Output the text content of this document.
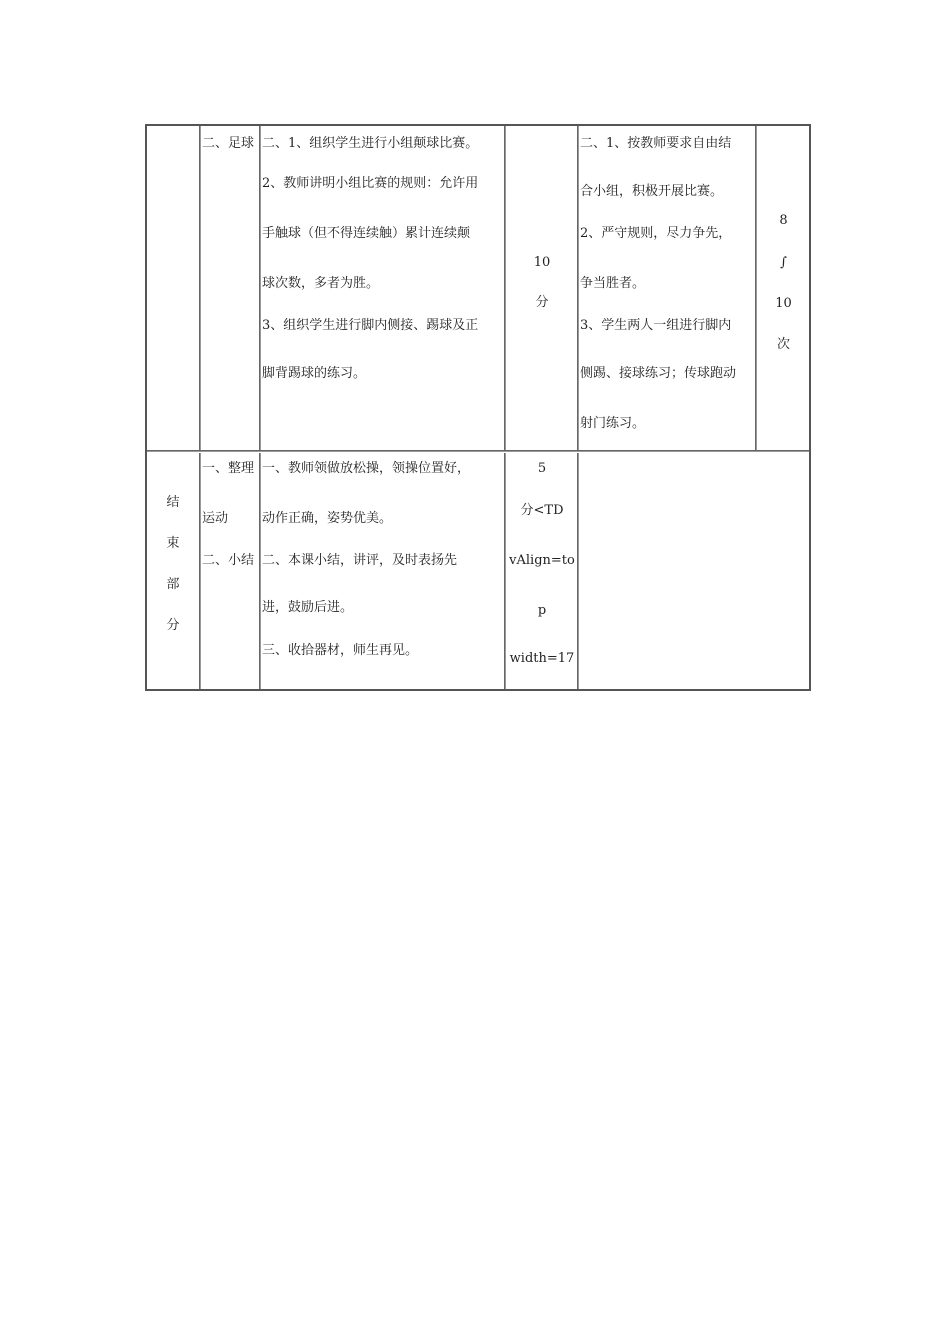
二、足球 二、1、组织学生进行小组颠球比赛。
2、教师讲明小组比赛的规则：允许用
手触球（但不得连续触）累计连续颠
球次数，多者为胜。
3、组织学生进行脚内侧接、踢球及正
脚背踢球的练习。
10
分
二、1、按教师要求自由结
合小组，积极开展比赛。
2、严守规则，尽力争先，
争当胜者。
3、学生两人一组进行脚内
侧踢、接球练习；传球跑动
射门练习。
8
∫
10
次
结
束
部
分
一、整理
运动
二、小结
一、教师领做放松操，领操位置好，
动作正确，姿势优美。
二、本课小结，讲评，及时表扬先
进，鼓励后进。
三、收拾器材，师生再见。
5
分<TD
vAlign=to
p
width=17
